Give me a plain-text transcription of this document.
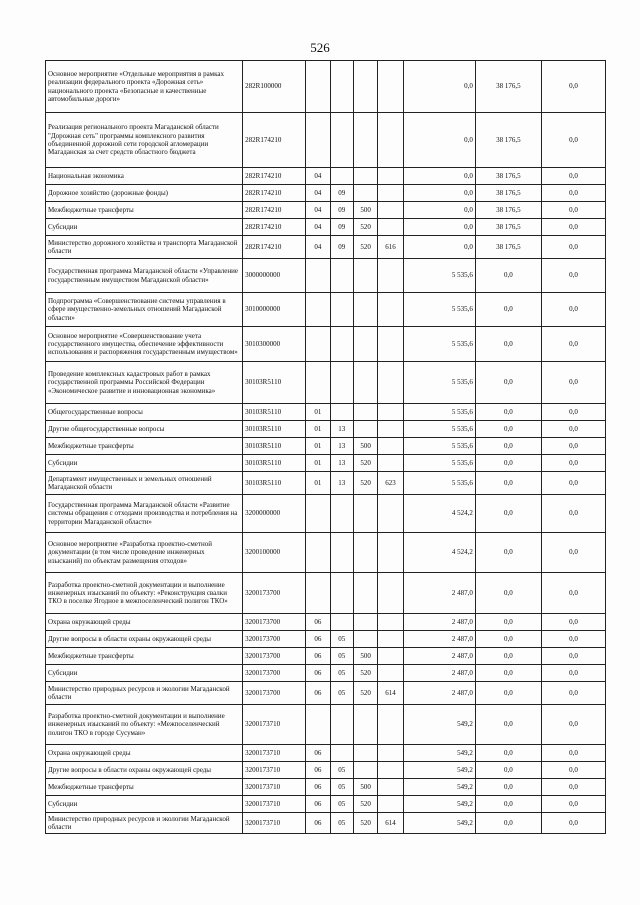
526
Основное мероприятие «Отдельные мероприятия в рамках реализации федерального проекта «Дорожная сеть» национального проекта «Безопасные и качественные автомобильные дороги»	282R100000					0,0	38 176,5	0,0
Реализация регионального проекта Магаданской области "Дорожная сеть" программы комплексного развития объединенной дорожной сети городской агломерации Магаданская за счет средств областного бюджета	282R174210					0,0	38 176,5	0,0
Национальная экономика	282R174210	04				0,0	38 176,5	0,0
Дорожное хозяйство (дорожные фонды)	282R174210	04	09			0,0	38 176,5	0,0
Межбюджетные трансферты	282R174210	04	09	500		0,0	38 176,5	0,0
Субсидии	282R174210	04	09	520		0,0	38 176,5	0,0
Министерство дорожного хозяйства и транспорта Магаданской области	282R174210	04	09	520	616	0,0	38 176,5	0,0
Государственная программа Магаданской области «Управление государственным имуществом Магаданской области»	3000000000					5 535,6	0,0	0,0
Подпрограмма «Совершенствование системы управления в сфере имущественно-земельных отношений Магаданской области»	3010000000					5 535,6	0,0	0,0
Основное мероприятие «Совершенствование учета государственного имущества, обеспечение эффективности использования и распоряжения государственным имуществом»	3010300000					5 535,6	0,0	0,0
Проведение комплексных кадастровых работ в рамках государственной программы Российской Федерации «Экономическое развитие и инновационная экономика»	30103R5110					5 535,6	0,0	0,0
Общегосударственные вопросы	30103R5110	01				5 535,6	0,0	0,0
Другие общегосударственные вопросы	30103R5110	01	13			5 535,6	0,0	0,0
Межбюджетные трансферты	30103R5110	01	13	500		5 535,6	0,0	0,0
Субсидии	30103R5110	01	13	520		5 535,6	0,0	0,0
Департамент имущественных и земельных отношений Магаданской области	30103R5110	01	13	520	623	5 535,6	0,0	0,0
Государственная программа Магаданской области «Развитие системы обращения с отходами производства и потребления на территории Магаданской области»	3200000000					4 524,2	0,0	0,0
Основное мероприятие «Разработка проектно-сметной документации (в том числе проведение инженерных изысканий) по объектам размещения отходов»	3200100000					4 524,2	0,0	0,0
Разработка проектно-сметной документации и выполнение инженерных изысканий по объекту: «Реконструкция свалки ТКО в поселке Ягодное в межпоселенческий полигон ТКО»	3200173700					2 487,0	0,0	0,0
Охрана окружающей среды	3200173700	06				2 487,0	0,0	0,0
Другие вопросы в области охраны окружающей среды	3200173700	06	05			2 487,0	0,0	0,0
Межбюджетные трансферты	3200173700	06	05	500		2 487,0	0,0	0,0
Субсидии	3200173700	06	05	520		2 487,0	0,0	0,0
Министерство природных ресурсов и экологии Магаданской области	3200173700	06	05	520	614	2 487,0	0,0	0,0
Разработка проектно-сметной документации и выполнение инженерных изысканий по объекту: «Межпоселенческий полигон ТКО в городе Сусуман»	3200173710					549,2	0,0	0,0
Охрана окружающей среды	3200173710	06				549,2	0,0	0,0
Другие вопросы в области охраны окружающей среды	3200173710	06	05			549,2	0,0	0,0
Межбюджетные трансферты	3200173710	06	05	500		549,2	0,0	0,0
Субсидии	3200173710	06	05	520		549,2	0,0	0,0
Министерство природных ресурсов и экологии Магаданской области	3200173710	06	05	520	614	549,2	0,0	0,0
